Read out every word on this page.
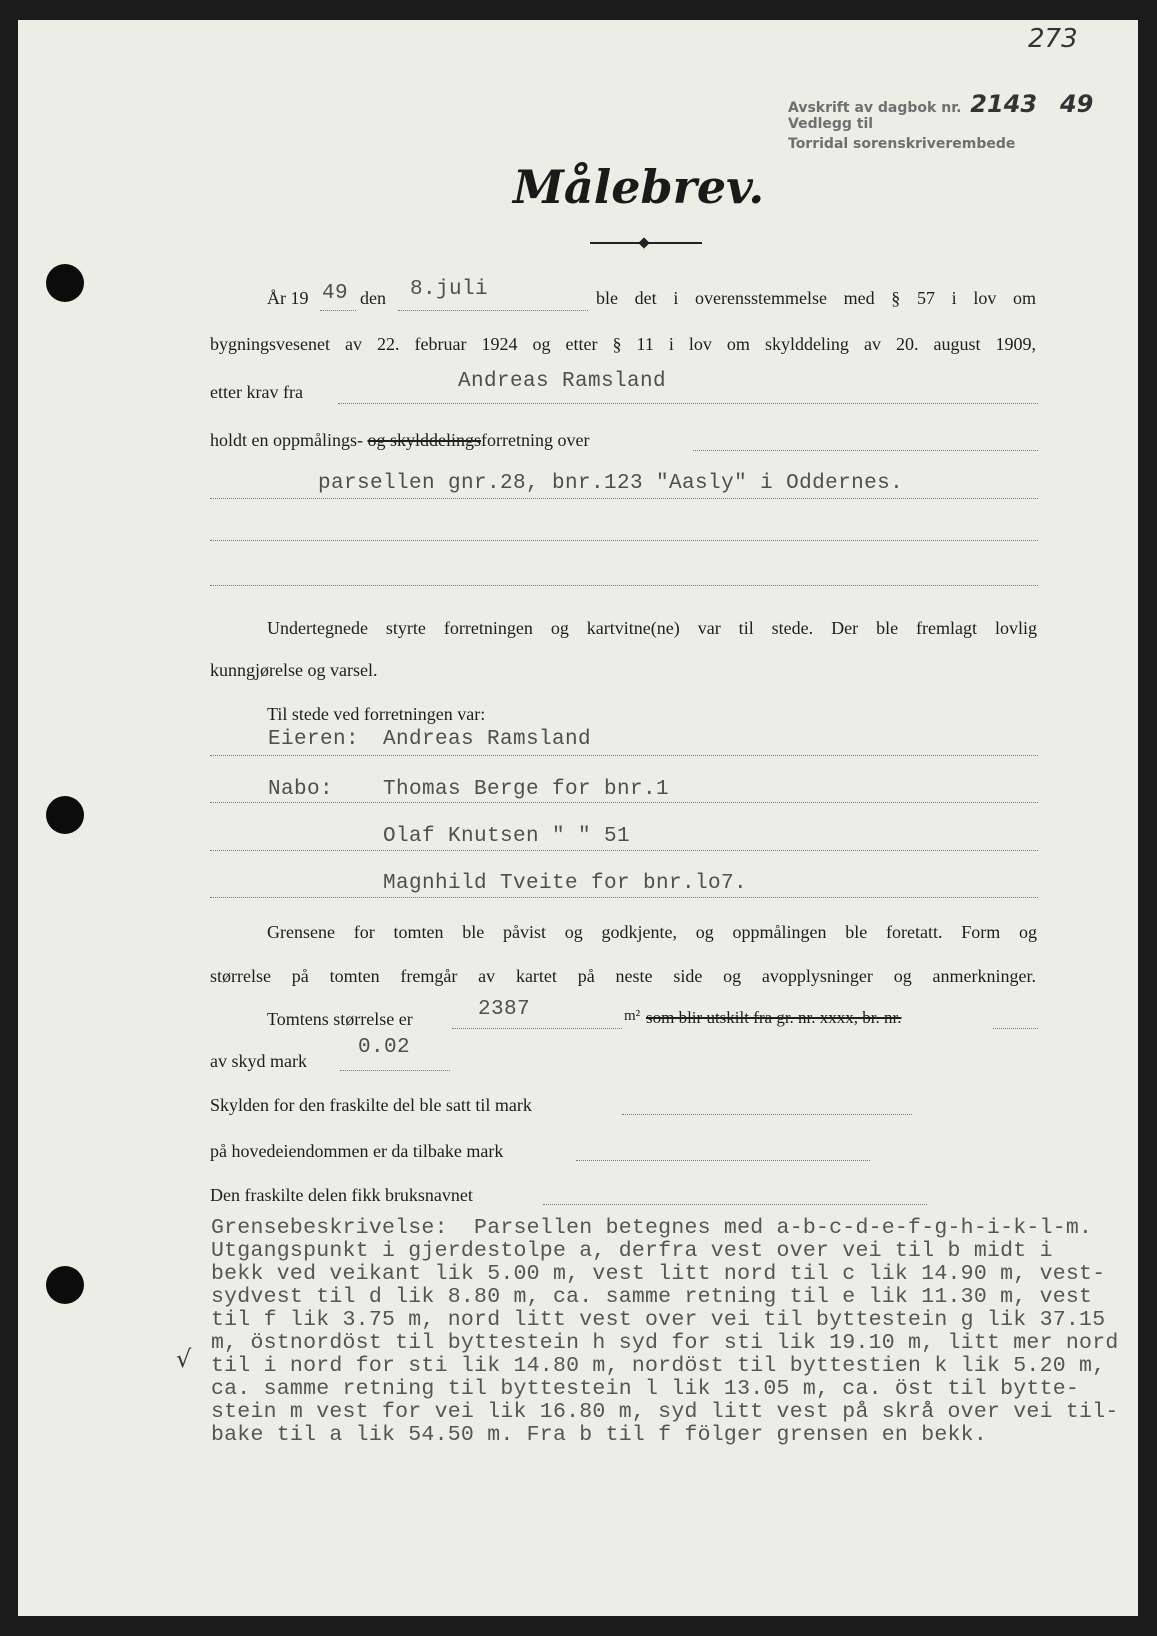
273
Avskrift av dagbok nr. 2143 49
Vedlegg til
Torridal sorenskriverembede
Målebrev.
År 19 49 den 8.juli	ble det i overensstemmelse med § 57 i lov om
bygningsvesenet av 22. februar 1924 og etter § 11 i lov om skylddeling av 20. august 1909,
etter krav fra	Andreas Ramsland
holdt en oppmålings- og skylddelingsforretning over
parsellen gnr.28, bnr.123 "Aasly" i Oddernes.
Undertegnede styrte forretningen og kartvitne(ne) var til stede. Der ble fremlagt lovlig
kunngjørelse og varsel.
Til stede ved forretningen var:
Eieren: Andreas Ramsland
Nabo: Thomas Berge for bnr.1
Olaf Knutsen " " 51
Magnhild Tveite for bnr.lo7.
Grensene for tomten ble påvist og godkjente, og oppmålingen ble foretatt. Form og
størrelse på tomten fremgår av kartet på neste side og avopplysninger og anmerkninger.
Tomtens størrelse er	2387	m² som blir utskilt fra gr. nr. xxxx, br. nr.
av skyd mark
0.02
Skylden for den fraskilte del ble satt til mark
på hovedeiendommen er da tilbake mark
Den fraskilte delen fikk bruksnavnet
Grensebeskrivelse:  Parsellen betegnes med a-b-c-d-e-f-g-h-i-k-l-m.
Utgangspunkt i gjerdestolpe a, derfra vest over vei til b midt i
bekk ved veikant lik 5.00 m, vest litt nord til c lik 14.90 m, vest-
sydvest til d lik 8.80 m, ca. samme retning til e lik 11.30 m, vest
til f lik 3.75 m, nord litt vest over vei til byttestein g lik 37.15
m, östnordöst til byttestein h syd for sti lik 19.10 m, litt mer nord
til i nord for sti lik 14.80 m, nordöst til byttestien k lik 5.20 m,
ca. samme retning til byttestein l lik 13.05 m, ca. öst til bytte-
stein m vest for vei lik 16.80 m, syd litt vest på skrå over vei til-
bake til a lik 54.50 m. Fra b til f fölger grensen en bekk.
√
